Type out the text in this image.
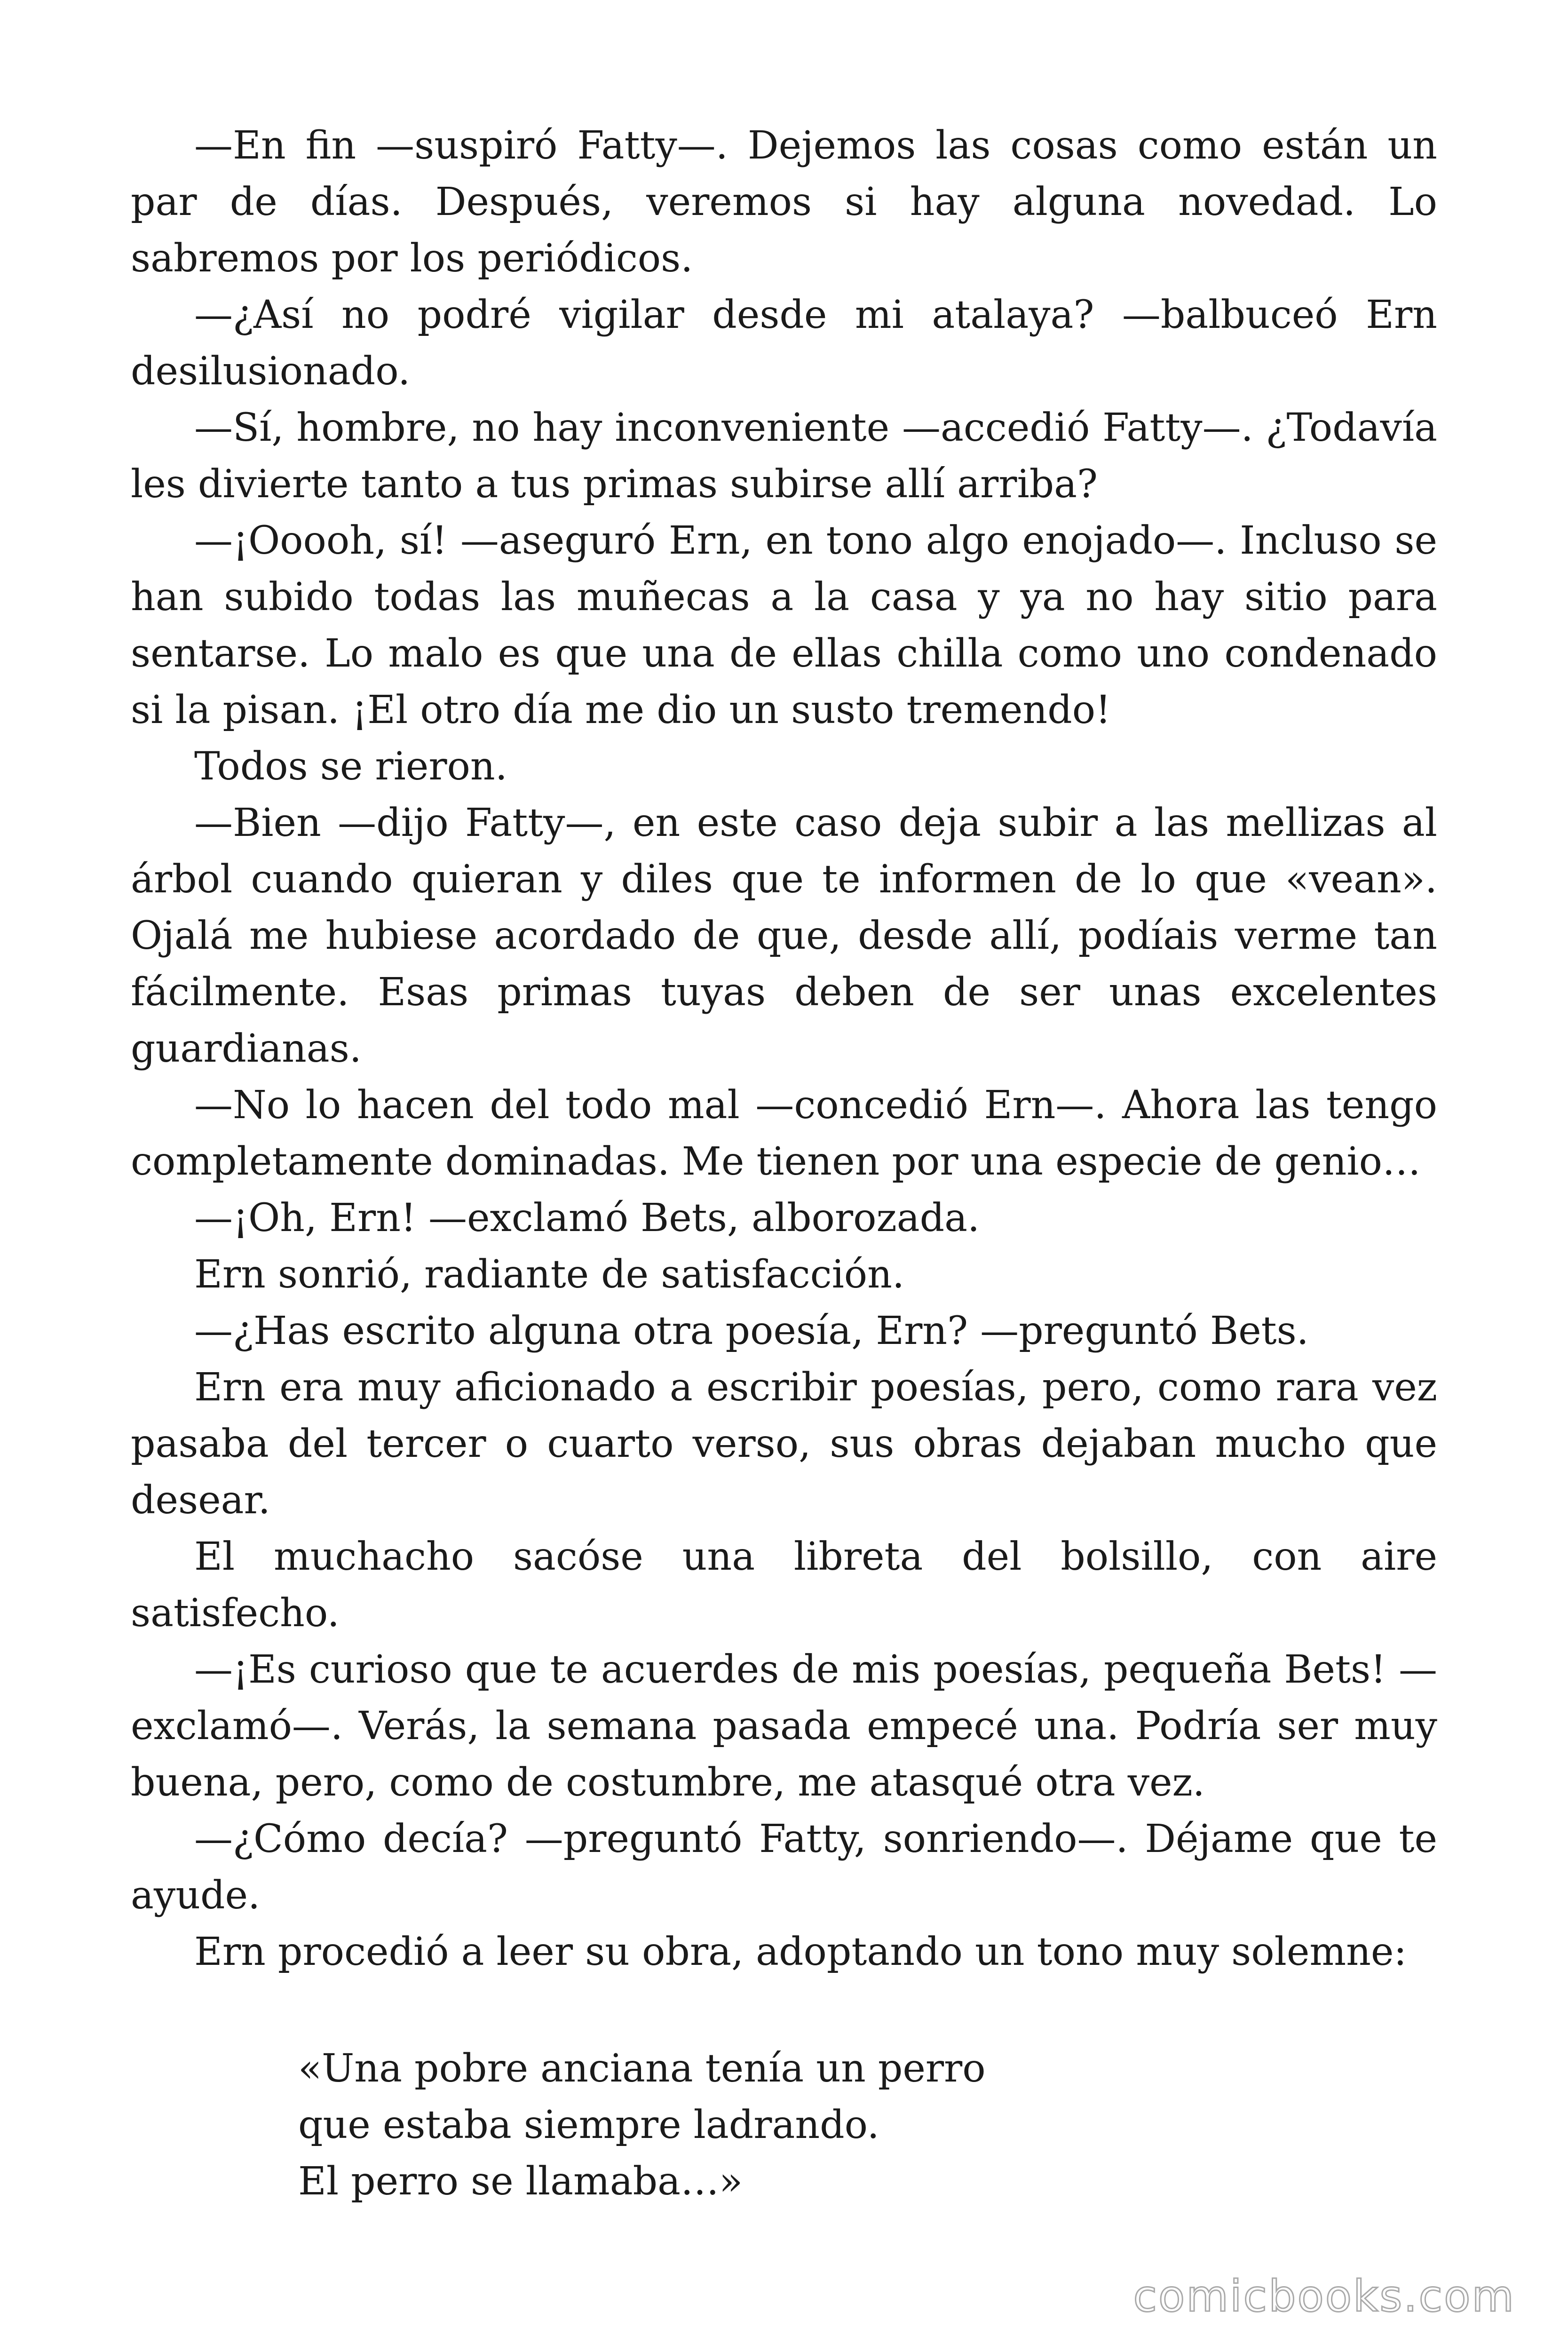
—En fin —suspiró Fatty—. Dejemos las cosas como están un par de días. Después, veremos si hay alguna novedad. Lo sabremos por los periódicos.

—¿Así no podré vigilar desde mi atalaya? —balbuceó Ern desilusionado.

—Sí, hombre, no hay inconveniente —accedió Fatty—. ¿Todavía les divierte tanto a tus primas subirse allí arriba?

—¡Ooooh, sí! —aseguró Ern, en tono algo enojado—. Incluso se han subido todas las muñecas a la casa y ya no hay sitio para sentarse. Lo malo es que una de ellas chilla como uno condenado si la pisan. ¡El otro día me dio un susto tremendo!

Todos se rieron.

—Bien —dijo Fatty—, en este caso deja subir a las mellizas al árbol cuando quieran y diles que te informen de lo que «vean». Ojalá me hubiese acordado de que, desde allí, podíais verme tan fácilmente. Esas primas tuyas deben de ser unas excelentes guardianas.

—No lo hacen del todo mal —concedió Ern—. Ahora las tengo completamente dominadas. Me tienen por una especie de genio…

—¡Oh, Ern! —exclamó Bets, alborozada.

Ern sonrió, radiante de satisfacción.

—¿Has escrito alguna otra poesía, Ern? —preguntó Bets.

Ern era muy aficionado a escribir poesías, pero, como rara vez pasaba del tercer o cuarto verso, sus obras dejaban mucho que desear.

El muchacho sacóse una libreta del bolsillo, con aire satisfecho.

—¡Es curioso que te acuerdes de mis poesías, pequeña Bets! —exclamó—. Verás, la semana pasada empecé una. Podría ser muy buena, pero, como de costumbre, me atasqué otra vez.

—¿Cómo decía? —preguntó Fatty, sonriendo—. Déjame que te ayude.

Ern procedió a leer su obra, adoptando un tono muy solemne:

«Una pobre anciana tenía un perro
que estaba siempre ladrando.
El perro se llamaba…»
comicbooks.com
